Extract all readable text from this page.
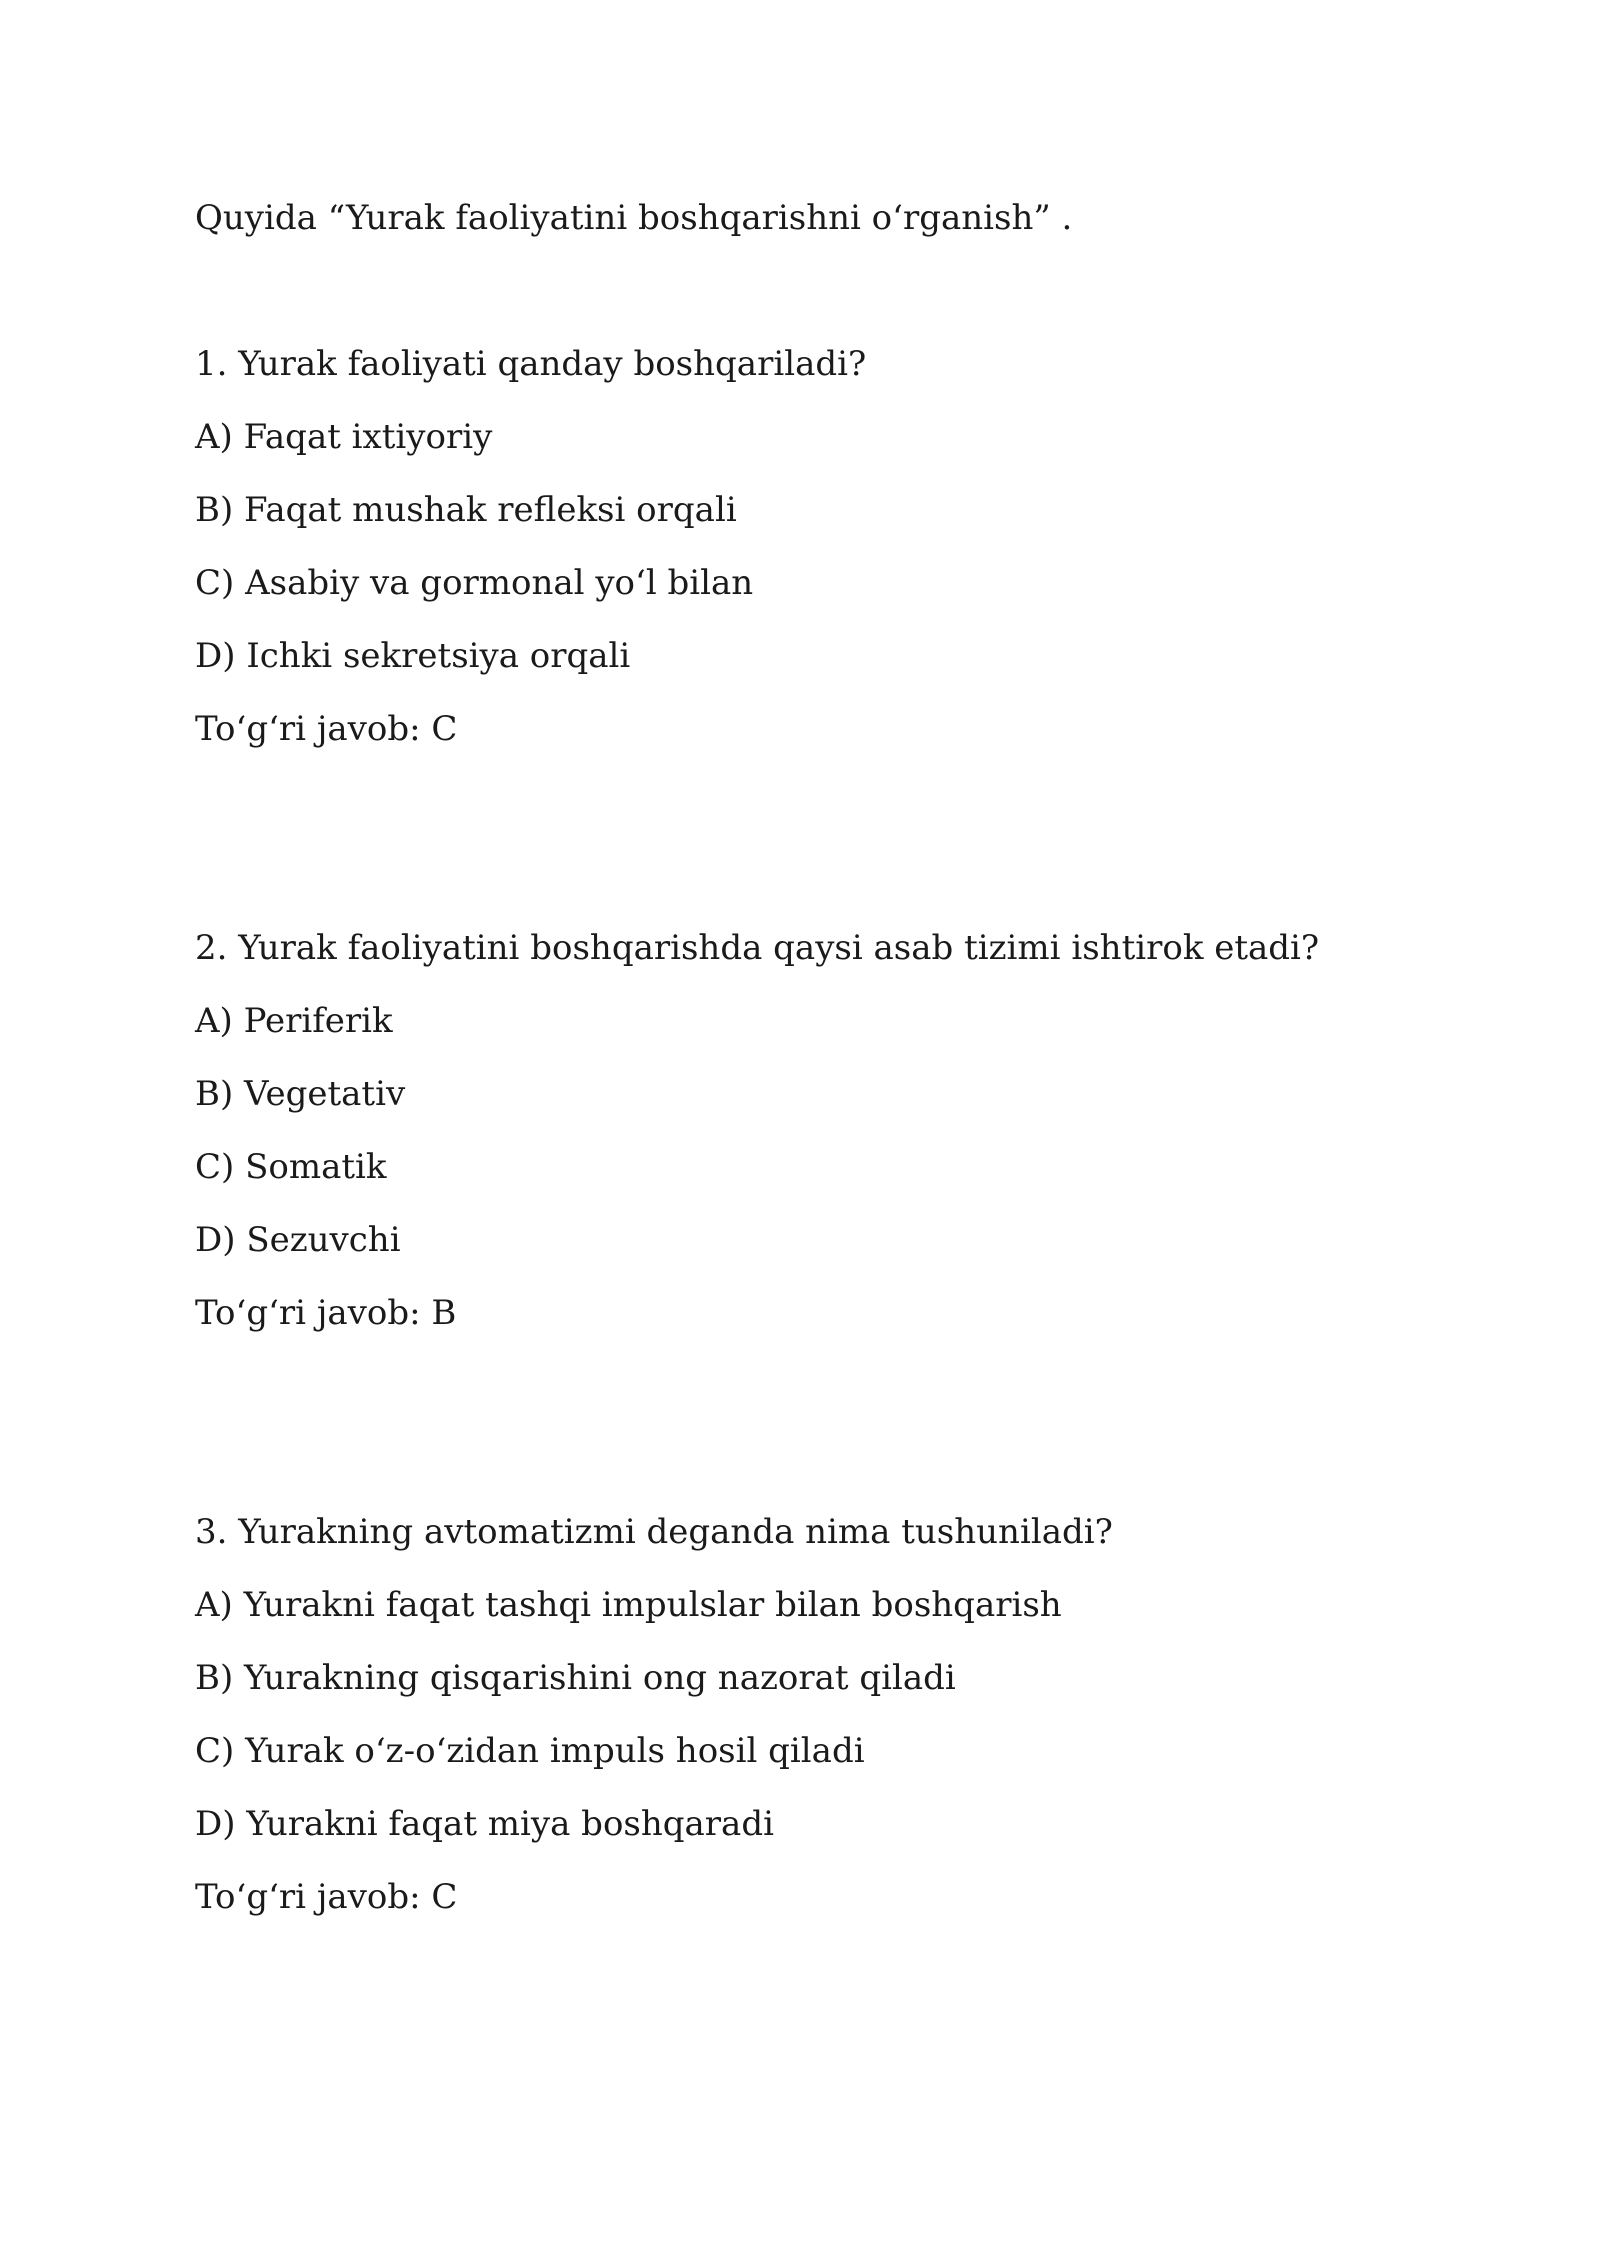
Quyida “Yurak faoliyatini boshqarishni oʻrganish” .

1. Yurak faoliyati qanday boshqariladi?

A) Faqat ixtiyoriy

B) Faqat mushak refleksi orqali

C) Asabiy va gormonal yoʻl bilan

D) Ichki sekretsiya orqali

Toʻgʻri javob: C

2. Yurak faoliyatini boshqarishda qaysi asab tizimi ishtirok etadi?

A) Periferik

B) Vegetativ

C) Somatik

D) Sezuvchi

Toʻgʻri javob: B

3. Yurakning avtomatizmi deganda nima tushuniladi?

A) Yurakni faqat tashqi impulslar bilan boshqarish

B) Yurakning qisqarishini ong nazorat qiladi

C) Yurak oʻz-oʻzidan impuls hosil qiladi

D) Yurakni faqat miya boshqaradi

Toʻgʻri javob: C
